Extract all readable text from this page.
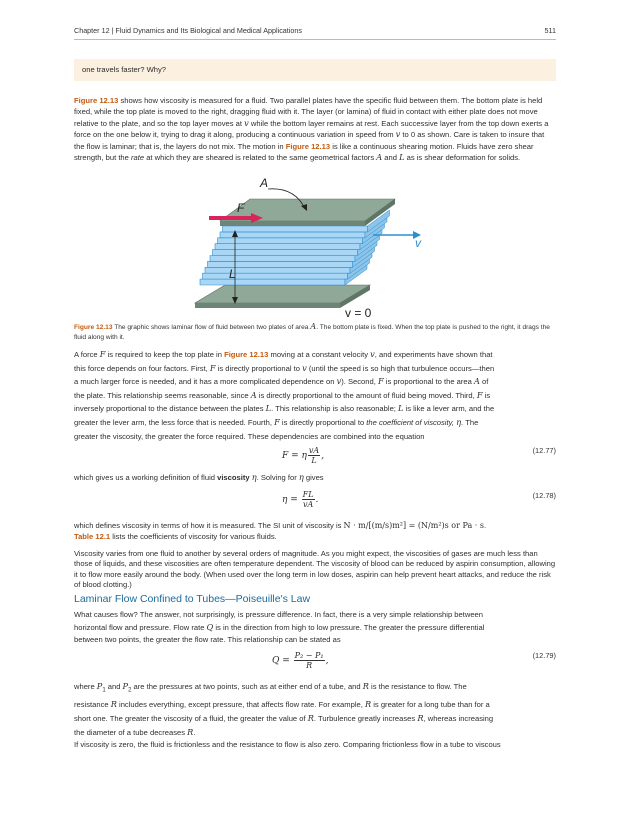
Chapter 12 | Fluid Dynamics and Its Biological and Medical Applications	511
one travels faster? Why?
Figure 12.13 shows how viscosity is measured for a fluid. Two parallel plates have the specific fluid between them. The bottom plate is held fixed, while the top plate is moved to the right, dragging fluid with it. The layer (or lamina) of fluid in contact with either plate does not move relative to the plate, and so the top layer moves at v while the bottom layer remains at rest. Each successive layer from the top down exerts a force on the one below it, trying to drag it along, producing a continuous variation in speed from v to 0 as shown. Care is taken to insure that the flow is laminar; that is, the layers do not mix. The motion in Figure 12.13 is like a continuous shearing motion. Fluids have zero shear strength, but the rate at which they are sheared is related to the same geometrical factors A and L as is shear deformation for solids.
A
F
v
L
v = 0
Figure 12.13 The graphic shows laminar flow of fluid between two plates of area A. The bottom plate is fixed. When the top plate is pushed to the right, it drags the fluid along with it.
A force F is required to keep the top plate in Figure 12.13 moving at a constant velocity v, and experiments have shown that
this force depends on four factors. First, F is directly proportional to v (until the speed is so high that turbulence occurs—then
a much larger force is needed, and it has a more complicated dependence on v). Second, F is proportional to the area A of
the plate. This relationship seems reasonable, since A is directly proportional to the amount of fluid being moved. Third, F is
inversely proportional to the distance between the plates L. This relationship is also reasonable; L is like a lever arm, and the
greater the lever arm, the less force that is needed. Fourth, F is directly proportional to the coefficient of viscosity, η. The
greater the viscosity, the greater the force required. These dependencies are combined into the equation
F = η $\frac{vA}{L}$ ,
(12.77)
which gives us a working definition of fluid viscosity η. Solving for η gives
$\eta = \frac{FL}{vA}$ .	(12.78)
which defines viscosity in terms of how it is measured. The SI unit of viscosity is N · m/[(m/s)m²] = (N/m²)s or Pa · s.
Table 12.1 lists the coefficients of viscosity for various fluids.
Viscosity varies from one fluid to another by several orders of magnitude. As you might expect, the viscosities of gases are much less than those of liquids, and these viscosities are often temperature dependent. The viscosity of blood can be reduced by aspirin consumption, allowing it to flow more easily around the body. (When used over the long term in low doses, aspirin can help prevent heart attacks, and reduce the risk of blood clotting.)
Laminar Flow Confined to Tubes—Poiseuille's Law
What causes flow? The answer, not surprisingly, is pressure difference. In fact, there is a very simple relationship between
horizontal flow and pressure. Flow rate Q is in the direction from high to low pressure. The greater the pressure differential
between two points, the greater the flow rate. This relationship can be stated as
$Q = \frac{\text{P₂ − P₁}}{R}$ ,
(12.79)
where $P_1$ and $P_2$ are the pressures at two points, such as at either end of a tube, and R is the resistance to flow. The
resistance R includes everything, except pressure, that affects flow rate. For example, R is greater for a long tube than for a
short one. The greater the viscosity of a fluid, the greater the value of R. Turbulence greatly increases R, whereas increasing
the diameter of a tube decreases R.
If viscosity is zero, the fluid is frictionless and the resistance to flow is also zero. Comparing frictionless flow in a tube to viscous
